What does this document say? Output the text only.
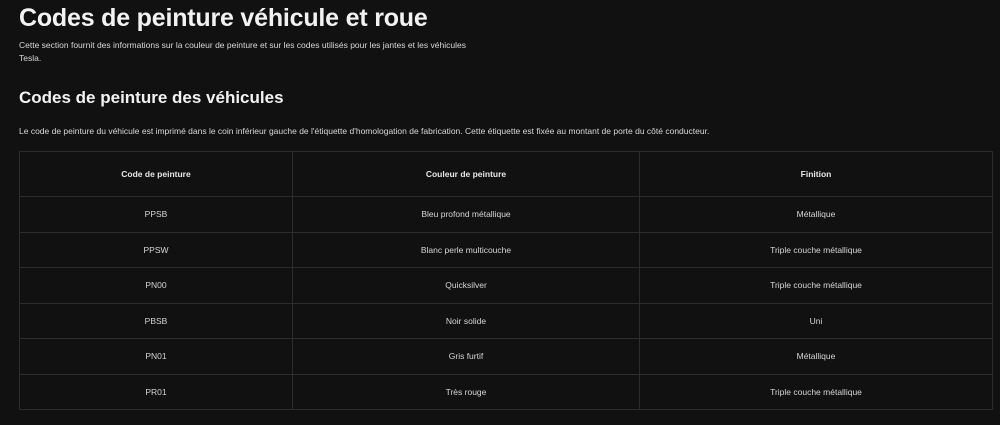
Codes de peinture véhicule et roue

Cette section fournit des informations sur la couleur de peinture et sur les codes utilisés pour les jantes et les véhicules Tesla.

Codes de peinture des véhicules

Le code de peinture du véhicule est imprimé dans le coin inférieur gauche de l'étiquette d'homologation de fabrication. Cette étiquette est fixée au montant de porte du côté conducteur.

Code de peinture	Couleur de peinture	Finition
PPSB	Bleu profond métallique	Métallique
PPSW	Blanc perle multicouche	Triple couche métallique
PN00	Quicksilver	Triple couche métallique
PBSB	Noir solide	Uni
PN01	Gris furtif	Métallique
PR01	Très rouge	Triple couche métallique
